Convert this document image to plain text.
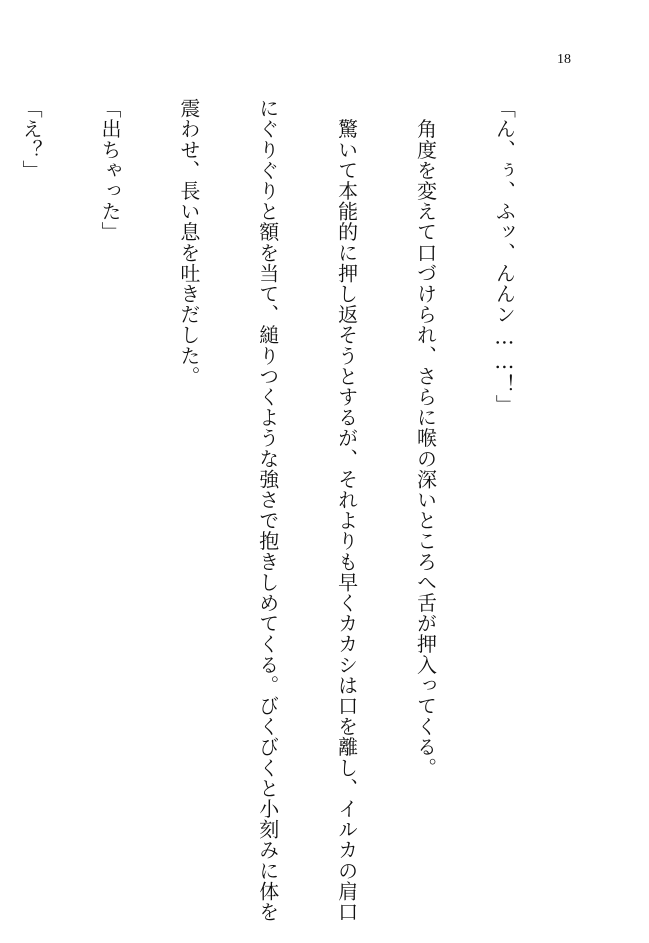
18

「ん、ぅ、ふッ、んんン……！」

　角度を変えて口づけられ、さらに喉の深いところへ舌が押入ってくる。

　驚いて本能的に押し返そうとするが、それよりも早くカカシは口を離し、イルカの肩口

にぐりぐりと額を当て、縋りつくような強さで抱きしめてくる。びくびくと小刻みに体を

震わせ、長い息を吐きだした。

「出ちゃった」

「え？」
